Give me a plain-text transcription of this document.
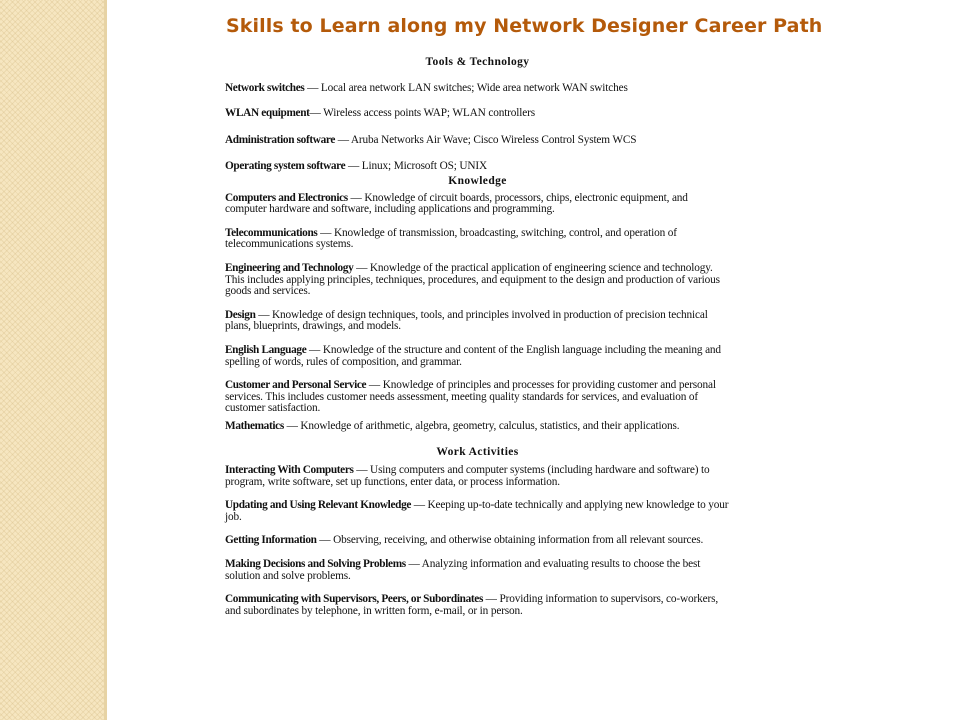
Skills to Learn along my Network Designer Career Path

Tools & Technology

Network switches — Local area network LAN switches; Wide area network WAN switches

WLAN equipment— Wireless access points WAP; WLAN controllers

Administration software — Aruba Networks Air Wave; Cisco Wireless Control System WCS

Operating system software — Linux; Microsoft OS; UNIX

Knowledge

Computers and Electronics — Knowledge of circuit boards, processors, chips, electronic equipment, and computer hardware and software, including applications and programming.

Telecommunications — Knowledge of transmission, broadcasting, switching, control, and operation of telecommunications systems.

Engineering and Technology — Knowledge of the practical application of engineering science and technology. This includes applying principles, techniques, procedures, and equipment to the design and production of various goods and services.

Design — Knowledge of design techniques, tools, and principles involved in production of precision technical plans, blueprints, drawings, and models.

English Language — Knowledge of the structure and content of the English language including the meaning and spelling of words, rules of composition, and grammar.

Customer and Personal Service — Knowledge of principles and processes for providing customer and personal services. This includes customer needs assessment, meeting quality standards for services, and evaluation of customer satisfaction.

Mathematics — Knowledge of arithmetic, algebra, geometry, calculus, statistics, and their applications.

Work Activities

Interacting With Computers — Using computers and computer systems (including hardware and software) to program, write software, set up functions, enter data, or process information.

Updating and Using Relevant Knowledge — Keeping up-to-date technically and applying new knowledge to your job.

Getting Information — Observing, receiving, and otherwise obtaining information from all relevant sources.

Making Decisions and Solving Problems — Analyzing information and evaluating results to choose the best solution and solve problems.

Communicating with Supervisors, Peers, or Subordinates — Providing information to supervisors, co-workers, and subordinates by telephone, in written form, e-mail, or in person.
